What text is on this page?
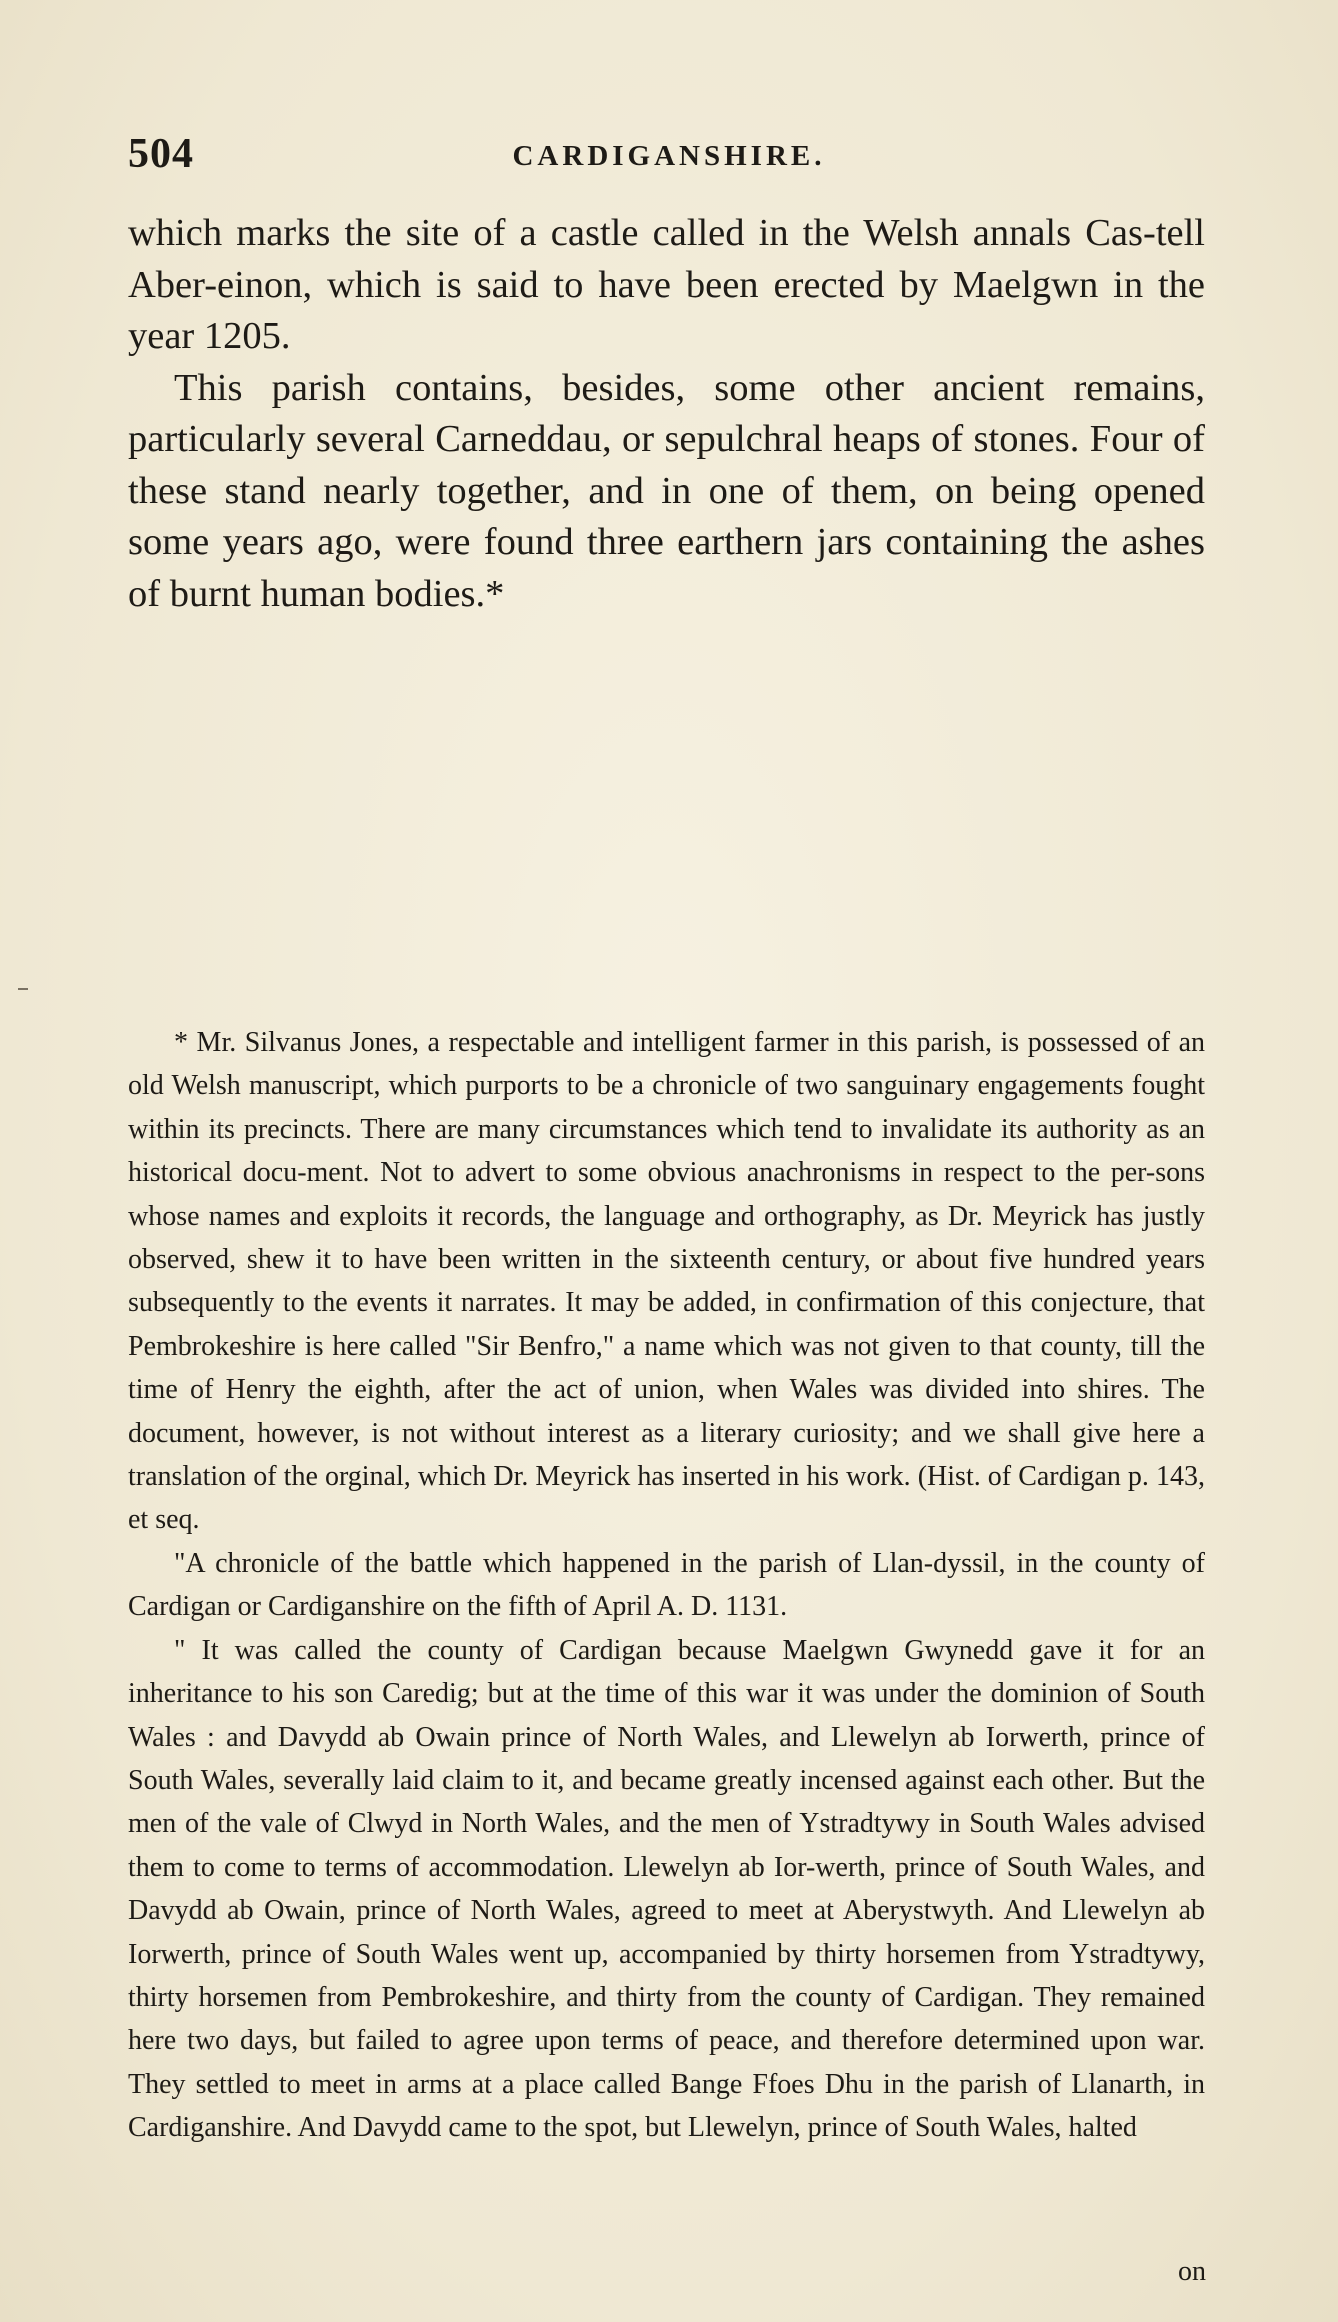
504	CARDIGANSHIRE.

which marks the site of a castle called in the Welsh annals Cas-tell Aber-einon, which is said to have been erected by Maelgwn in the year 1205.

This parish contains, besides, some other ancient remains, particularly several Carneddau, or sepulchral heaps of stones. Four of these stand nearly together, and in one of them, on being opened some years ago, were found three earthern jars containing the ashes of burnt human bodies.*

* Mr. Silvanus Jones, a respectable and intelligent farmer in this parish, is possessed of an old Welsh manuscript, which purports to be a chronicle of two sanguinary engagements fought within its precincts. There are many circumstances which tend to invalidate its authority as an historical docu-ment. Not to advert to some obvious anachronisms in respect to the per-sons whose names and exploits it records, the language and orthography, as Dr. Meyrick has justly observed, shew it to have been written in the sixteenth century, or about five hundred years subsequently to the events it narrates. It may be added, in confirmation of this conjecture, that Pembrokeshire is here called "Sir Benfro," a name which was not given to that county, till the time of Henry the eighth, after the act of union, when Wales was divided into shires. The document, however, is not without interest as a literary curiosity; and we shall give here a translation of the orginal, which Dr. Meyrick has inserted in his work. (Hist. of Cardigan p. 143, et seq.

"A chronicle of the battle which happened in the parish of Llan-dyssil, in the county of Cardigan or Cardiganshire on the fifth of April A. D. 1131.

" It was called the county of Cardigan because Maelgwn Gwynedd gave it for an inheritance to his son Caredig; but at the time of this war it was under the dominion of South Wales : and Davydd ab Owain prince of North Wales, and Llewelyn ab Iorwerth, prince of South Wales, severally laid claim to it, and became greatly incensed against each other. But the men of the vale of Clwyd in North Wales, and the men of Ystradtywy in South Wales advised them to come to terms of accommodation. Llewelyn ab Ior-werth, prince of South Wales, and Davydd ab Owain, prince of North Wales, agreed to meet at Aberystwyth. And Llewelyn ab Iorwerth, prince of South Wales went up, accompanied by thirty horsemen from Ystradtywy, thirty horsemen from Pembrokeshire, and thirty from the county of Cardigan. They remained here two days, but failed to agree upon terms of peace, and therefore determined upon war. They settled to meet in arms at a place called Bange Ffoes Dhu in the parish of Llanarth, in Cardiganshire. And Davydd came to the spot, but Llewelyn, prince of South Wales, halted

on
